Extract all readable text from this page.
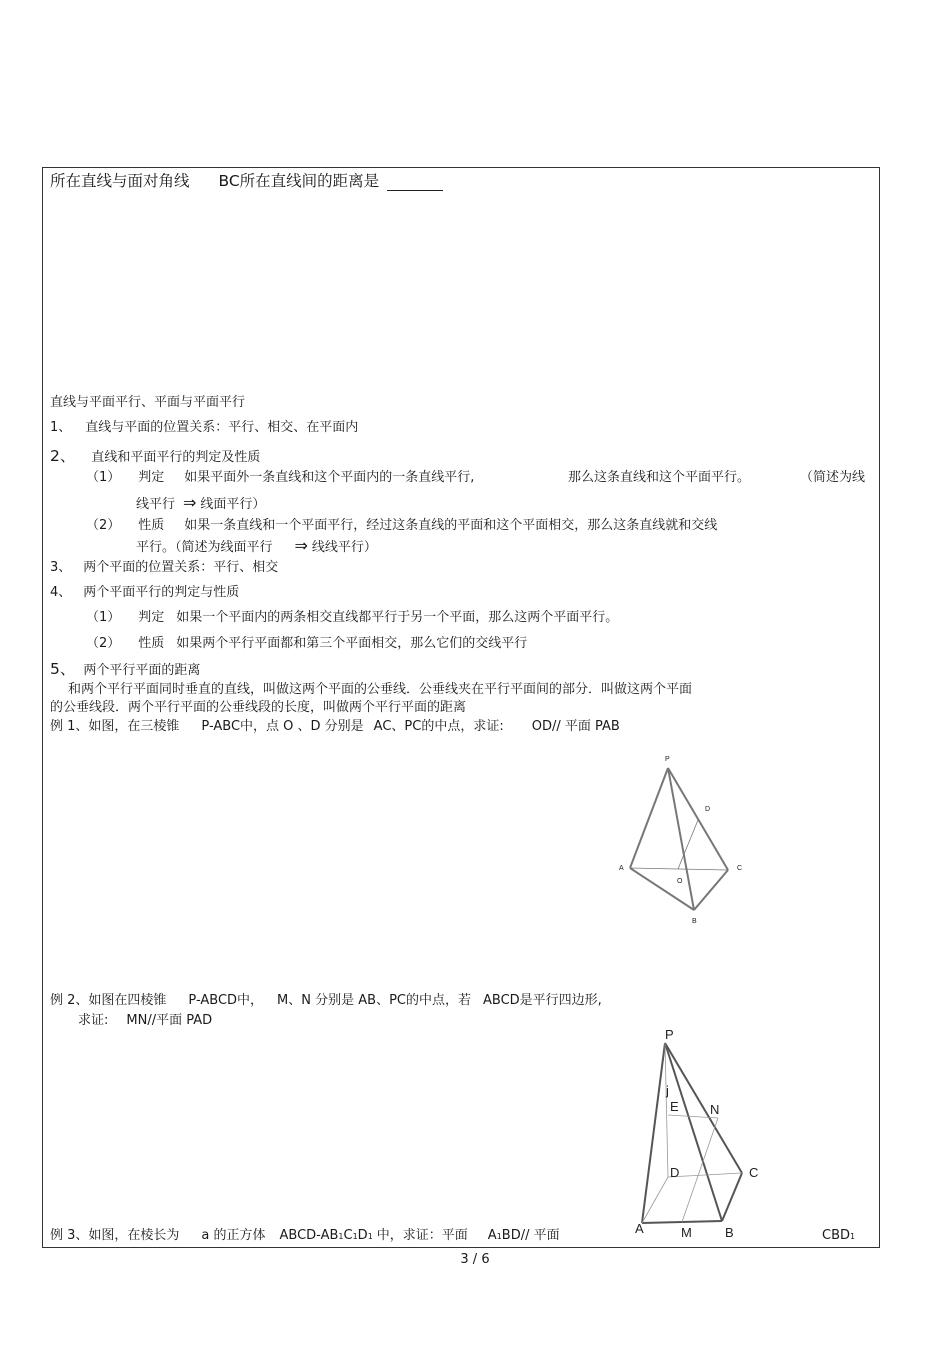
所在直线与面对角线 BC所在直线间的距离是
直线与平面平行、平面与平面平行
1、 直线与平面的位置关系：平行、相交、在平面内
2、 直线和平面平行的判定及性质
（1） 判定 如果平面外一条直线和这个平面内的一条直线平行,	那么这条直线和这个平面平行。	（简述为线
线平行 ⇒ 线面平行）
（2） 性质 如果一条直线和一个平面平行，经过这条直线的平面和这个平面相交，那么这条直线就和交线
平行。（简述为线面平行 ⇒ 线线平行）
3、 两个平面的位置关系：平行、相交
4、 两个平面平行的判定与性质
（1） 判定 如果一个平面内的两条相交直线都平行于另一个平面，那么这两个平面平行。
（2） 性质 如果两个平行平面都和第三个平面相交，那么它们的交线平行
5、 两个平行平面的距离
和两个平行平面同时垂直的直线，叫做这两个平面的公垂线．公垂线夹在平行平面间的部分．叫做这两个平面
的公垂线段．两个平行平面的公垂线段的长度，叫做两个平行平面的距离
例 1、如图，在三棱锥 P-ABC中，点 O 、D 分别是 AC、PC的中点，求证: OD// 平面 PAB
P
D
A	C
O
B
例 2、如图在四棱锥 P-ABCD中， M、N 分别是 AB、PC的中点，若 ABCD是平行四边形,
求证: MN//平面 PAD
P
j
E N
D	C
A	M	B
例 3、如图，在棱长为 a 的正方体 ABCD-AB1C1D1 中，求证：平面 A1BD// 平面	CBD1
3 / 6
